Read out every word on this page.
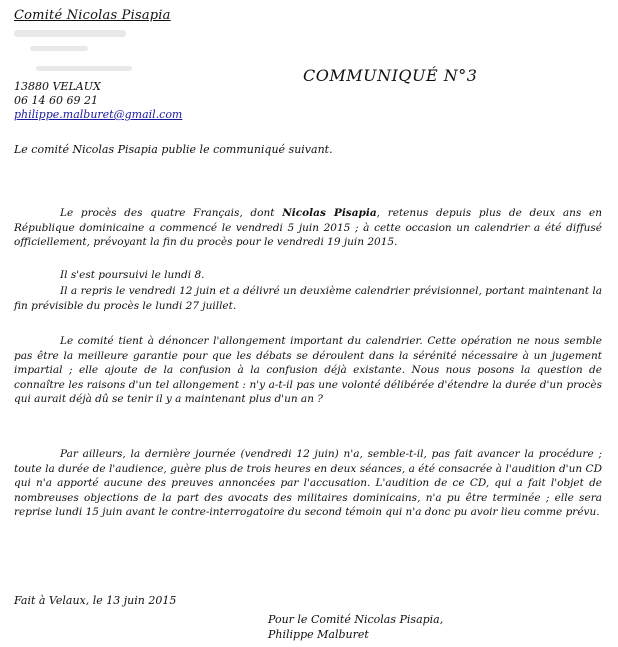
Comité Nicolas Pisapia
COMMUNIQUÉ N°3
13880 VELAUX
06 14 60 69 21
philippe.malburet@gmail.com
Le comité Nicolas Pisapia publie le communiqué suivant.

Le procès des quatre Français, dont Nicolas Pisapia, retenus depuis plus de deux ans en République dominicaine a commencé le vendredi 5 juin 2015 ; à cette occasion un calendrier a été diffusé officiellement, prévoyant la fin du procès pour le vendredi 19 juin 2015.

Il s'est poursuivi le lundi 8.

Il a repris le vendredi 12 juin et a délivré un deuxième calendrier prévisionnel, portant maintenant la fin prévisible du procès le lundi 27 juillet.

Le comité tient à dénoncer l'allongement important du calendrier. Cette opération ne nous semble pas être la meilleure garantie pour que les débats se déroulent dans la sérénité nécessaire à un jugement impartial ; elle ajoute de la confusion à la confusion déjà existante. Nous nous posons la question de connaître les raisons d'un tel allongement : n'y a-t-il pas une volonté délibérée d'étendre la durée d'un procès qui aurait déjà dû se tenir il y a maintenant plus d'un an ?

Par ailleurs, la dernière journée (vendredi 12 juin) n'a, semble-t-il, pas fait avancer la procédure ; toute la durée de l'audience, guère plus de trois heures en deux séances, a été consacrée à l'audition d'un CD qui n'a apporté aucune des preuves annoncées par l'accusation. L'audition de ce CD, qui a fait l'objet de nombreuses objections de la part des avocats des militaires dominicains, n'a pu être terminée ; elle sera reprise lundi 15 juin avant le contre-interrogatoire du second témoin qui n'a donc pu avoir lieu comme prévu.

Fait à Velaux, le 13 juin 2015
Pour le Comité Nicolas Pisapia,
Philippe Malburet
